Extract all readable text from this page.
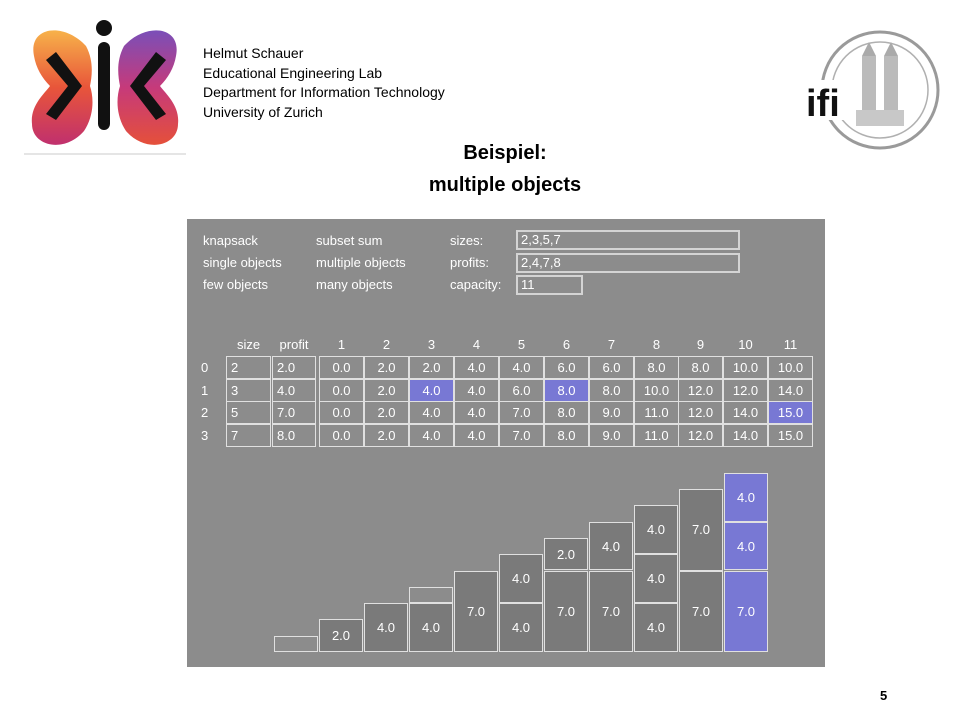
Helmut Schauer
Educational Engineering Lab
Department for Information Technology
University of Zurich	ifi
Beispiel:
multiple objects
knapsack	subset sum
single objects	multiple objects
few objects	many objects
sizes:	2,3,5,7
profits:	2,4,7,8
capacity:	11
size	profit	1	2	3	4	5	6	7	8	9	10	11
0	2	2.0	0.0	2.0	2.0	4.0	4.0	6.0	6.0	8.0	8.0	10.0	10.0
1	3	4.0	0.0	2.0	4.0	4.0	6.0	8.0	8.0	10.0	12.0	12.0	14.0
2	5	7.0	0.0	2.0	4.0	4.0	7.0	8.0	9.0	11.0	12.0	14.0	15.0
3	7	8.0	0.0	2.0	4.0	4.0	7.0	8.0	9.0	11.0	12.0	14.0	15.0
2.0
4.0	4.0
7.0
4.0
4.0
7.0
2.0
7.0
4.0
4.0
4.0
4.0
7.0
7.0
7.0
4.0
4.0
5
